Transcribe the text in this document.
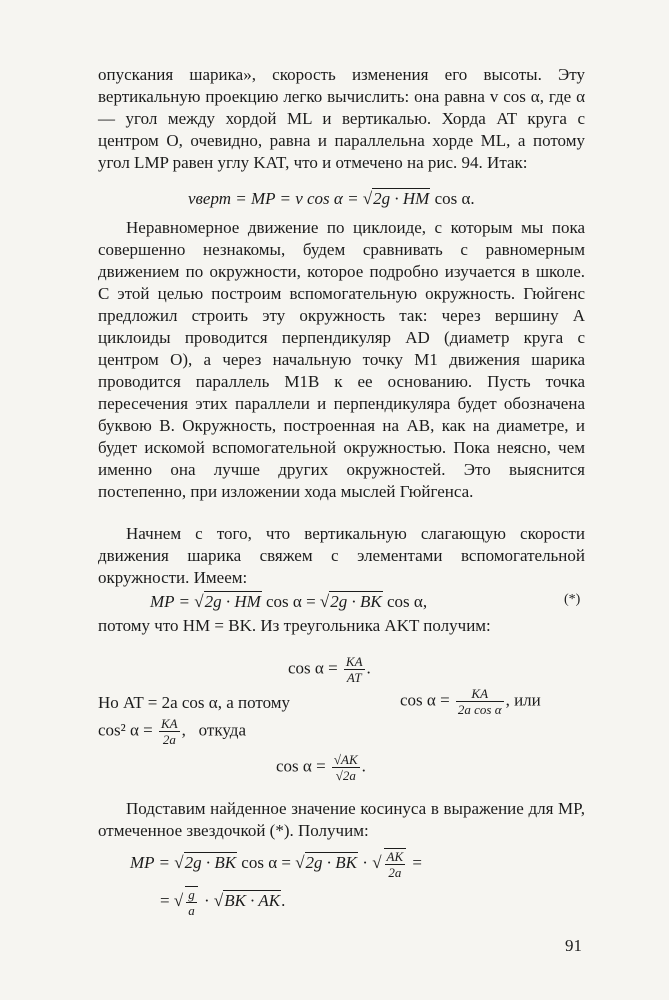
опускания шарика», скорость изменения его высоты. Эту вертикальную проекцию легко вычислить: она равна v cos α, где α — угол между хордой ML и вертикалью. Хорда AT круга с центром O, очевидно, равна и параллельна хорде ML, а потому угол LMP равен углу KAT, что и отмечено на рис. 94. Итак:

vверт = MP = v cos α = √2g · HM cos α.

Неравномерное движение по циклоиде, с которым мы пока совершенно незнакомы, будем сравнивать с равномерным движением по окружности, которое подробно изучается в школе. С этой целью построим вспомогательную окружность. Гюйгенс предложил строить эту окружность так: через вершину A циклоиды проводится перпендикуляр AD (диаметр круга с центром O), а через начальную точку M1 движения шарика проводится параллель M1B к ее основанию. Пусть точка пересечения этих параллели и перпендикуляра будет обозначена буквою B. Окружность, построенная на AB, как на диаметре, и будет искомой вспомогательной окружностью. Пока неясно, чем именно она лучше других окружностей. Это выяснится постепенно, при изложении хода мыслей Гюйгенса.

Начнем с того, что вертикальную слагающую скорости движения шарика свяжем с элементами вспомогательной окружности. Имеем:

MP = √2g · HM cos α = √2g · BK cos α,	(*)

потому что HM = BK. Из треугольника AKT получим:

$\cos \alpha = \frac{KA}{AT}$ .
Но AT = 2a cos α, а потому	$\cos \alpha = \frac{KA}{\text{2a cos α}}$ , или
cos² $\alpha = \frac{KA}{2a}$ ,   откуда
$\cos \alpha = \frac{√AK}{√2a}$ .

Подставим найденное значение косинуса в выражение для MP, отмеченное звездочкой (*). Получим:

MP = √2g · BK cos α = √2g · BK · √ $\frac{AK}{2a}$ =
= √ $\frac{g}{a} \cdot √BK$ · AK.
91
